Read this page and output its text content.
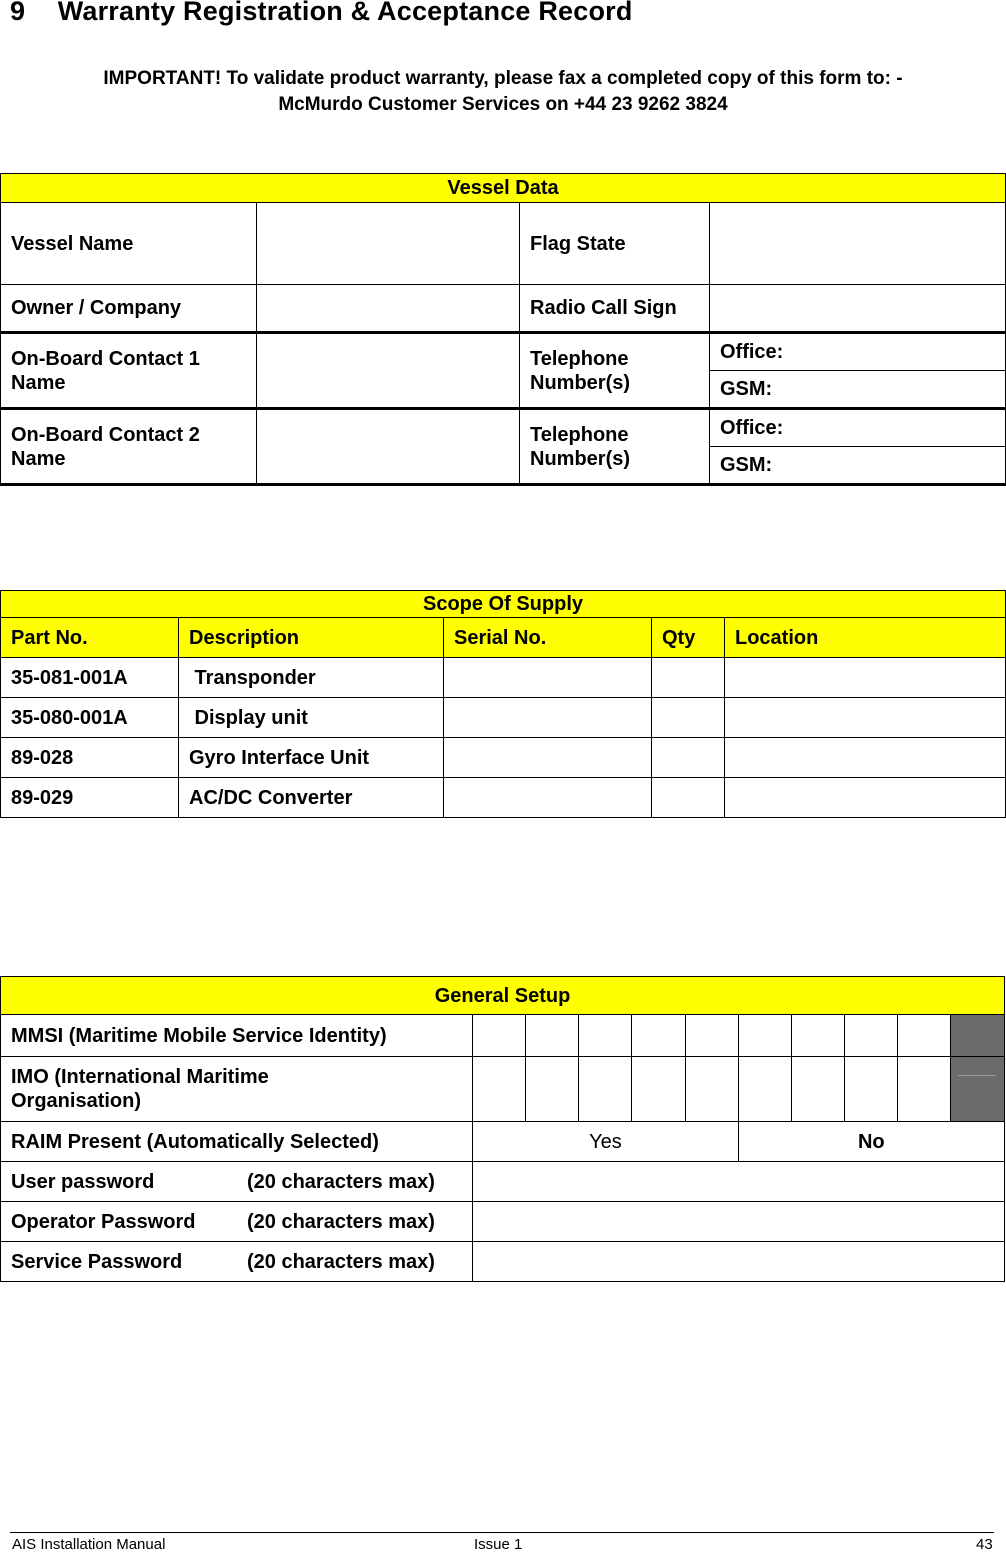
9 Warranty Registration & Acceptance Record
IMPORTANT! To validate product warranty, please fax a completed copy of this form to: -
McMurdo Customer Services on +44 23 9262 3824
Vessel Data			
Vessel Name		Flag State	
Owner / Company		Radio Call Sign	
On-Board Contact 1 Name		Telephone Number(s)	Office:
			GSM:
On-Board Contact 2 Name		Telephone Number(s)	Office:
			GSM:
Scope Of Supply				
Part No.	Description	Serial No.	Qty	Location
35-081-001A	Transponder			
35-080-001A	Display unit			
89-028	Gyro Interface Unit			
89-029	AC/DC Converter			
General Setup										
MMSI (Maritime Mobile Service Identity)										
IMO (International Maritime Organisation)										

RAIM Present (Automatically Selected)	Yes					No				
User password (20 characters max)										

Operator Password (20 characters max)										

Service Password (20 characters max)										

AIS Installation Manual	Issue 1	43
